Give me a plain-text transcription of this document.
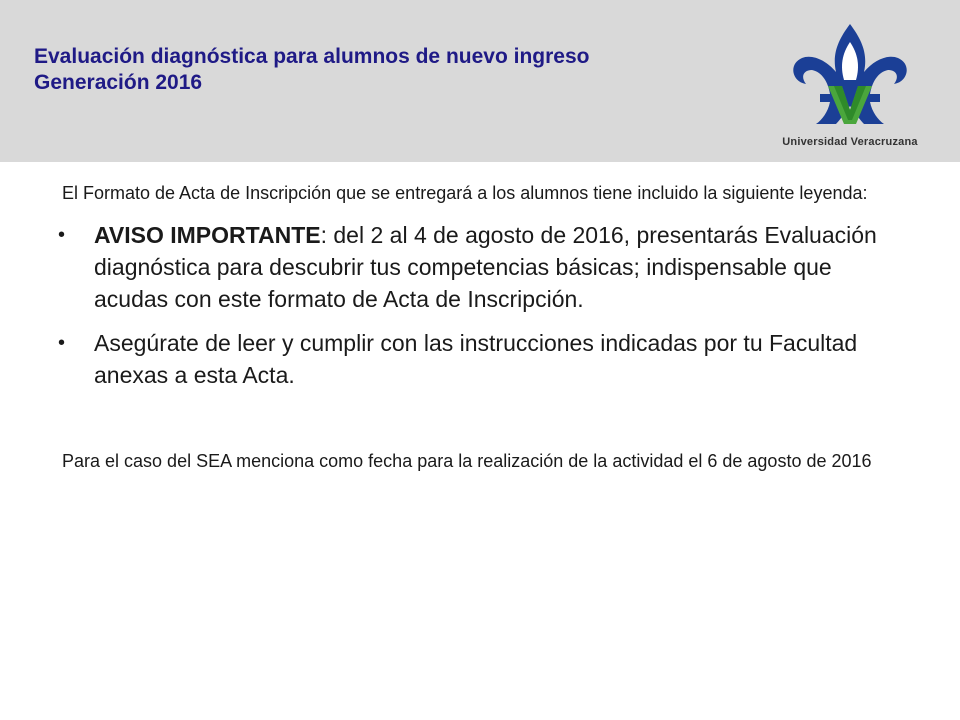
Evaluación diagnóstica para alumnos de nuevo ingreso
Generación 2016
Universidad Veracruzana

El Formato de Acta de Inscripción que se entregará a los alumnos tiene incluido la siguiente leyenda:

• AVISO IMPORTANTE: del 2 al 4 de agosto de 2016, presentarás Evaluación diagnóstica para descubrir tus competencias básicas; indispensable que acudas con este formato de Acta de Inscripción.
• Asegúrate de leer y cumplir con las instrucciones indicadas por tu Facultad anexas a esta Acta.

Para el caso del SEA menciona como fecha para la realización de la actividad el 6 de agosto de 2016
